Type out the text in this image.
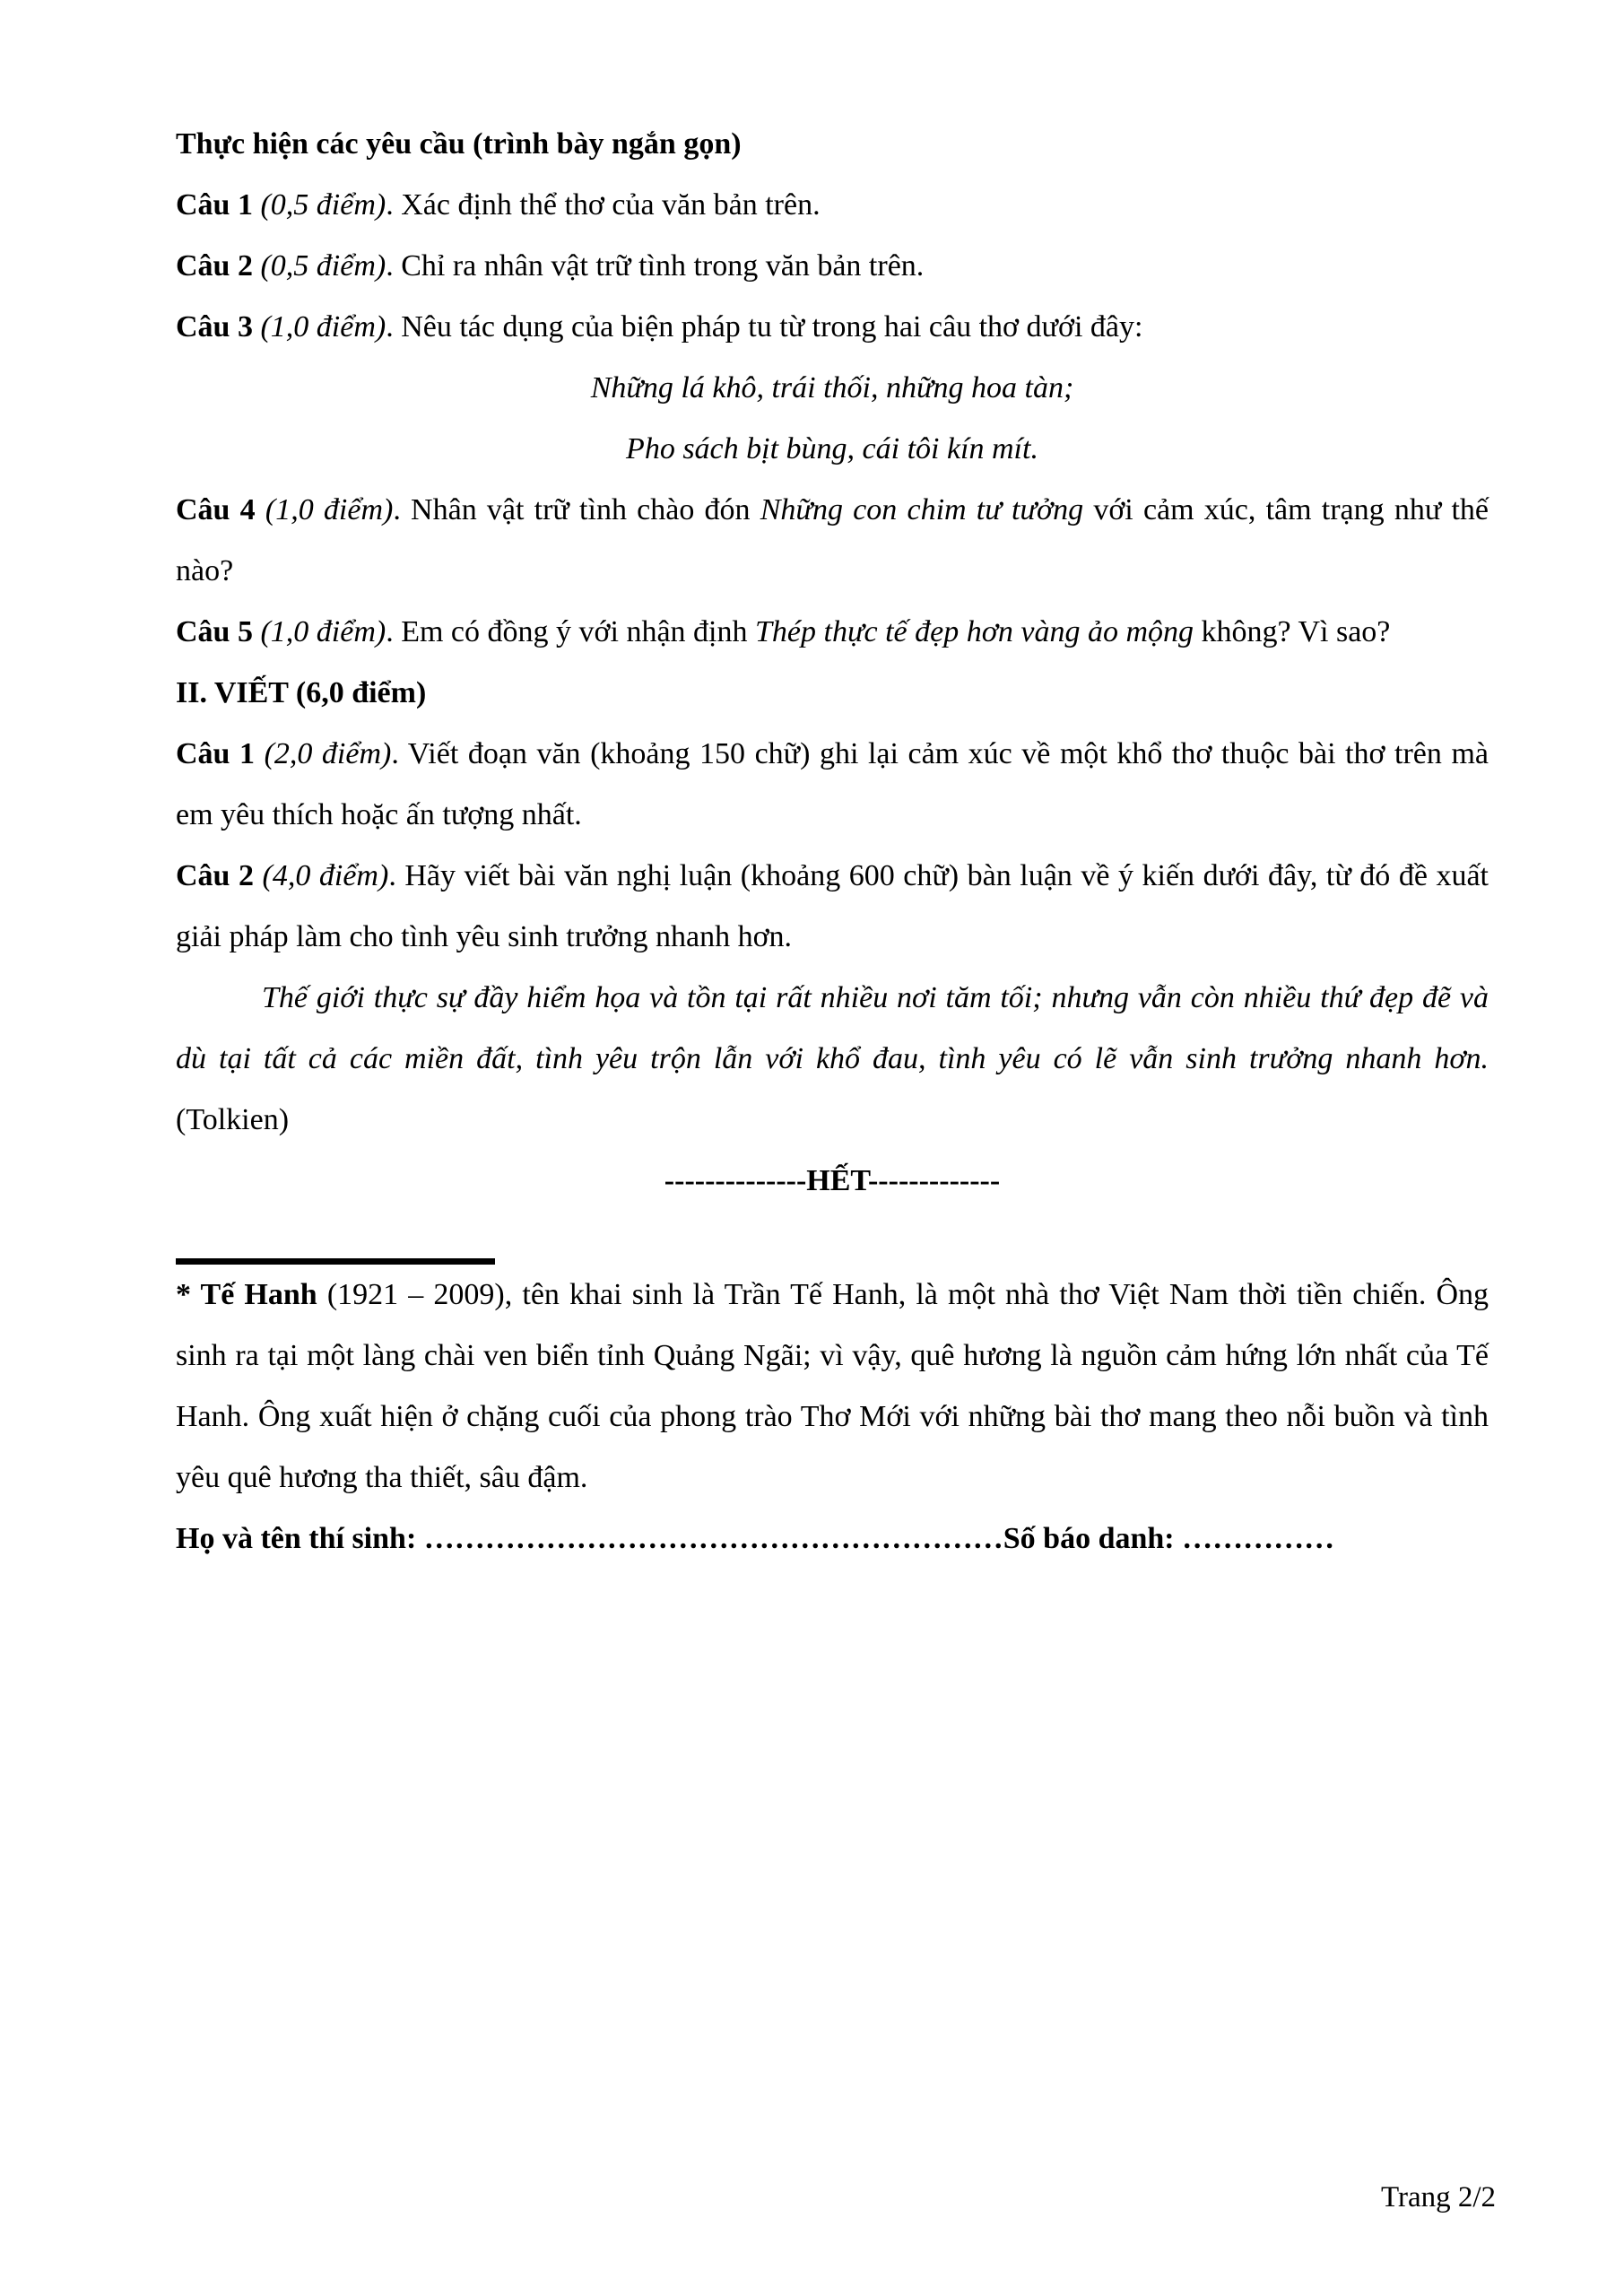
Thực hiện các yêu cầu (trình bày ngắn gọn)

Câu 1 (0,5 điểm). Xác định thể thơ của văn bản trên.

Câu 2 (0,5 điểm). Chỉ ra nhân vật trữ tình trong văn bản trên.

Câu 3 (1,0 điểm). Nêu tác dụng của biện pháp tu từ trong hai câu thơ dưới đây:

Những lá khô, trái thối, những hoa tàn;

Pho sách bịt bùng, cái tôi kín mít.

Câu 4 (1,0 điểm). Nhân vật trữ tình chào đón Những con chim tư tưởng với cảm xúc, tâm trạng như thế nào?

Câu 5 (1,0 điểm). Em có đồng ý với nhận định Thép thực tế đẹp hơn vàng ảo mộng không? Vì sao?

II. VIẾT (6,0 điểm)

Câu 1 (2,0 điểm). Viết đoạn văn (khoảng 150 chữ) ghi lại cảm xúc về một khổ thơ thuộc bài thơ trên mà em yêu thích hoặc ấn tượng nhất.

Câu 2 (4,0 điểm). Hãy viết bài văn nghị luận (khoảng 600 chữ) bàn luận về ý kiến dưới đây, từ đó đề xuất giải pháp làm cho tình yêu sinh trưởng nhanh hơn.

Thế giới thực sự đầy hiểm họa và tồn tại rất nhiều nơi tăm tối; nhưng vẫn còn nhiều thứ đẹp đẽ và dù tại tất cả các miền đất, tình yêu trộn lẫn với khổ đau, tình yêu có lẽ vẫn sinh trưởng nhanh hơn. (Tolkien)

--------------HẾT-------------

* Tế Hanh (1921 – 2009), tên khai sinh là Trần Tế Hanh, là một nhà thơ Việt Nam thời tiền chiến. Ông sinh ra tại một làng chài ven biển tỉnh Quảng Ngãi; vì vậy, quê hương là nguồn cảm hứng lớn nhất của Tế Hanh. Ông xuất hiện ở chặng cuối của phong trào Thơ Mới với những bài thơ mang theo nỗi buồn và tình yêu quê hương tha thiết, sâu đậm.

Họ và tên thí sinh: …………………………………………………Số báo danh: ……………

Trang 2/2
